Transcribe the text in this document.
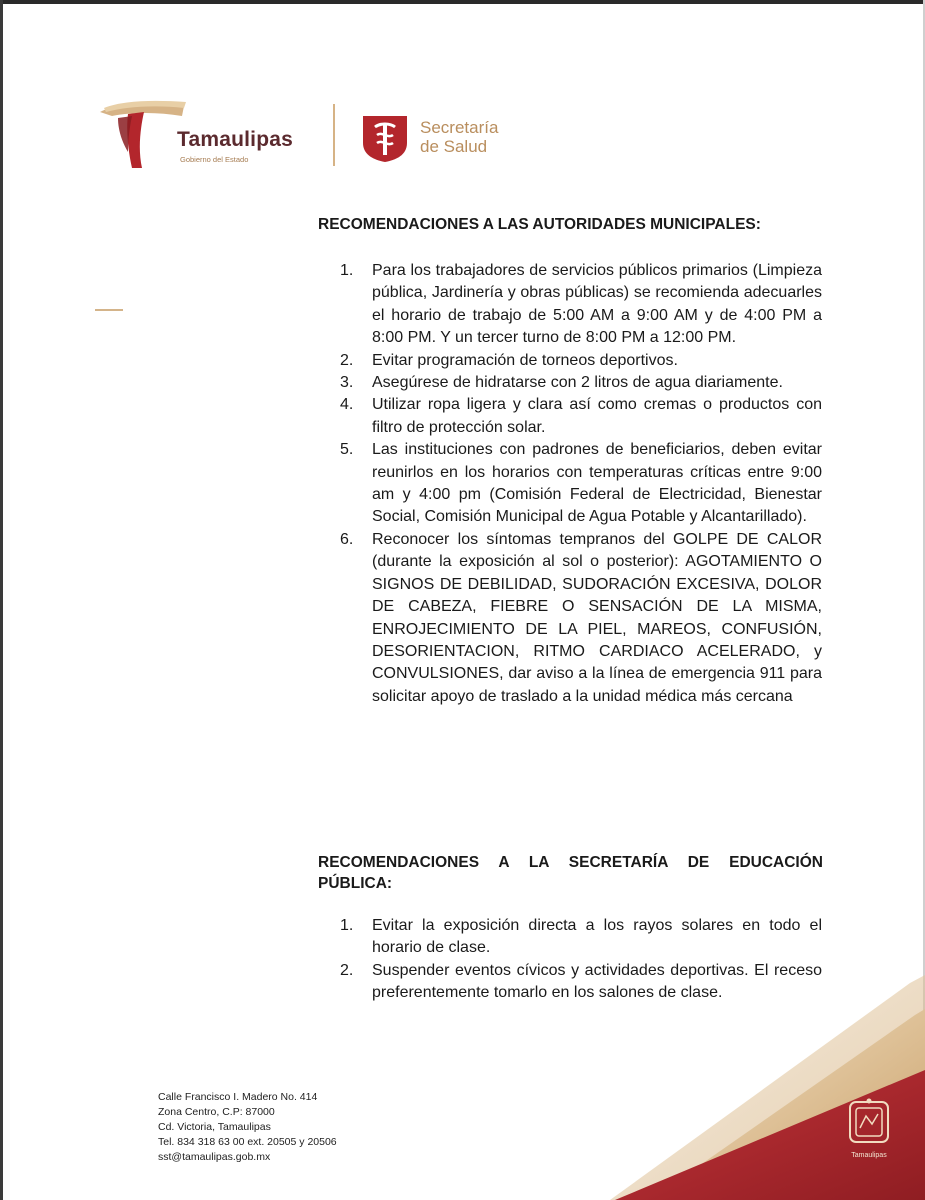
Tamaulipas
Gobierno del Estado
Secretaría
de Salud
RECOMENDACIONES A LAS AUTORIDADES MUNICIPALES:
1.	Para los trabajadores de servicios públicos primarios (Limpieza pública, Jardinería y obras públicas) se recomienda adecuarles el horario de trabajo de 5:00 AM a 9:00 AM y de 4:00 PM a 8:00 PM. Y un tercer turno de 8:00 PM a 12:00 PM.
2.	Evitar programación de torneos deportivos.
3.	Asegúrese de hidratarse con 2 litros de agua diariamente.
4.	Utilizar ropa ligera y clara así como cremas o productos con filtro de protección solar.
5.	Las instituciones con padrones de beneficiarios, deben evitar reunirlos en los horarios con temperaturas críticas entre 9:00 am y 4:00 pm (Comisión Federal de Electricidad, Bienestar Social, Comisión Municipal de Agua Potable y Alcantarillado).
6.	Reconocer los síntomas tempranos del GOLPE DE CALOR (durante la exposición al sol o posterior): AGOTAMIENTO O SIGNOS DE DEBILIDAD, SUDORACIÓN EXCESIVA, DOLOR DE CABEZA, FIEBRE O SENSACIÓN DE LA MISMA, ENROJECIMIENTO DE LA PIEL, MAREOS, CONFUSIÓN, DESORIENTACION, RITMO CARDIACO ACELERADO, y CONVULSIONES, dar aviso a la línea de emergencia 911 para solicitar apoyo de traslado a la unidad médica más cercana
RECOMENDACIONES A LA SECRETARÍA DE EDUCACIÓN PÚBLICA:
1.	Evitar la exposición directa a los rayos solares en todo el horario de clase.
2.	Suspender eventos cívicos y actividades deportivas. El receso preferentemente tomarlo en los salones de clase.
Calle Francisco I. Madero No. 414
Zona Centro, C.P: 87000
Cd. Victoria, Tamaulipas
Tel. 834 318 63 00 ext. 20505 y 20506
sst@tamaulipas.gob.mx	Tamaulipas
